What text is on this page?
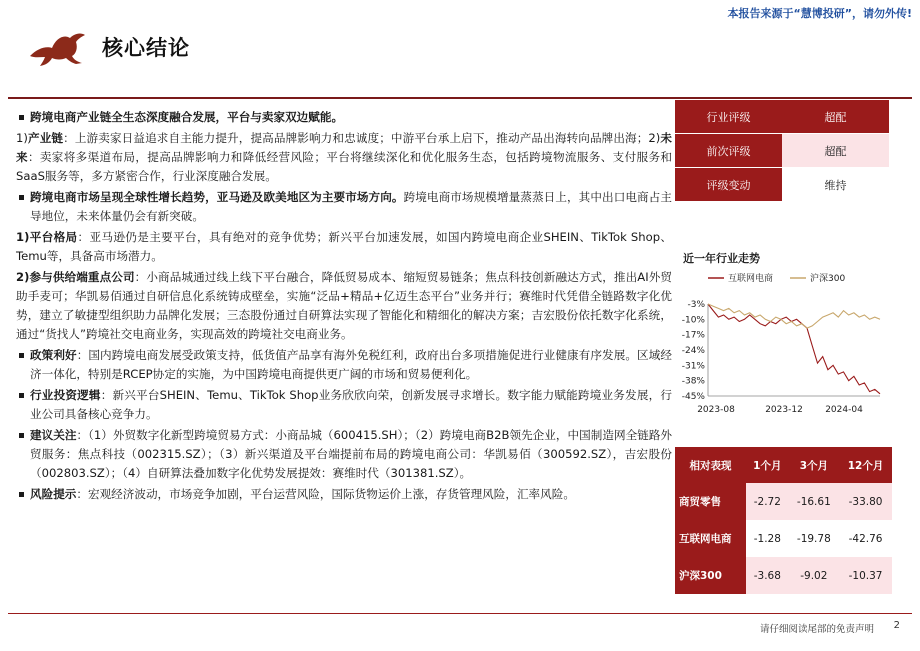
本报告来源于“慧博投研”，请勿外传!
核心结论

跨境电商产业链全生态深度融合发展，平台与卖家双边赋能。

1)产业链：上游卖家日益追求自主能力提升，提高品牌影响力和忠诚度；中游平台承上启下，推动产品出海转向品牌出海；2)未来：卖家将多渠道布局，提高品牌影响力和降低经营风险；平台将继续深化和优化服务生态，包括跨境物流服务、支付服务和SaaS服务等，多方紧密合作，行业深度融合发展。

跨境电商市场呈现全球性增长趋势，亚马逊及欧美地区为主要市场方向。跨境电商市场规模增量蒸蒸日上，其中出口电商占主导地位，未来体量仍会有新突破。

1)平台格局：亚马逊仍是主要平台，具有绝对的竞争优势；新兴平台加速发展，如国内跨境电商企业SHEIN、TikTok Shop、Temu等，具备高市场潜力。

2)参与供给端重点公司：小商品城通过线上线下平台融合，降低贸易成本、缩短贸易链条；焦点科技创新融达方式，推出AI外贸助手麦可；华凯易佰通过自研信息化系统铸成壁垒，实施“泛品+精品+亿迈生态平台”业务并行；赛维时代凭借全链路数字化优势，建立了敏捷型组织助力品牌化发展；三态股份通过自研算法实现了智能化和精细化的解决方案；吉宏股份依托数字化系统，通过“货找人”跨境社交电商业务，实现高效的跨境社交电商业务。

政策利好：国内跨境电商发展受政策支持，低货值产品享有海外免税红利，政府出台多项措施促进行业健康有序发展。区域经济一体化，特别是RCEP协定的实施，为中国跨境电商提供更广阔的市场和贸易便利化。

行业投资逻辑：新兴平台SHEIN、Temu、TikTok Shop业务欣欣向荣，创新发展寻求增长。数字能力赋能跨境业务发展，行业公司具备核心竞争力。

建议关注：（1）外贸数字化新型跨境贸易方式：小商品城（600415.SH）；（2）跨境电商B2B领先企业，中国制造网全链路外贸服务：焦点科技（002315.SZ）；（3）新兴渠道及平台端提前布局的跨境电商公司：华凯易佰（300592.SZ），吉宏股份（002803.SZ）；（4）自研算法叠加数字化优势发展提效：赛维时代（301381.SZ）。

风险提示：宏观经济波动，市场竞争加剧，平台运营风险，国际货物运价上涨，存货管理风险，汇率风险。

行业评级	超配
前次评级	超配
评级变动	维持
近一年行业走势
互联网电商	沪深300
-3%
-10%
-17%
-24%
-31%
-38%
-45%
2023-08	2023-12 2024-04
相对表现	1个月	3个月	12个月
商贸零售	-2.72	-16.61	-33.80
互联网电商	-1.28	-19.78	-42.76
沪深300	-3.68	-9.02	-10.37
请仔细阅读尾部的免责声明 2
